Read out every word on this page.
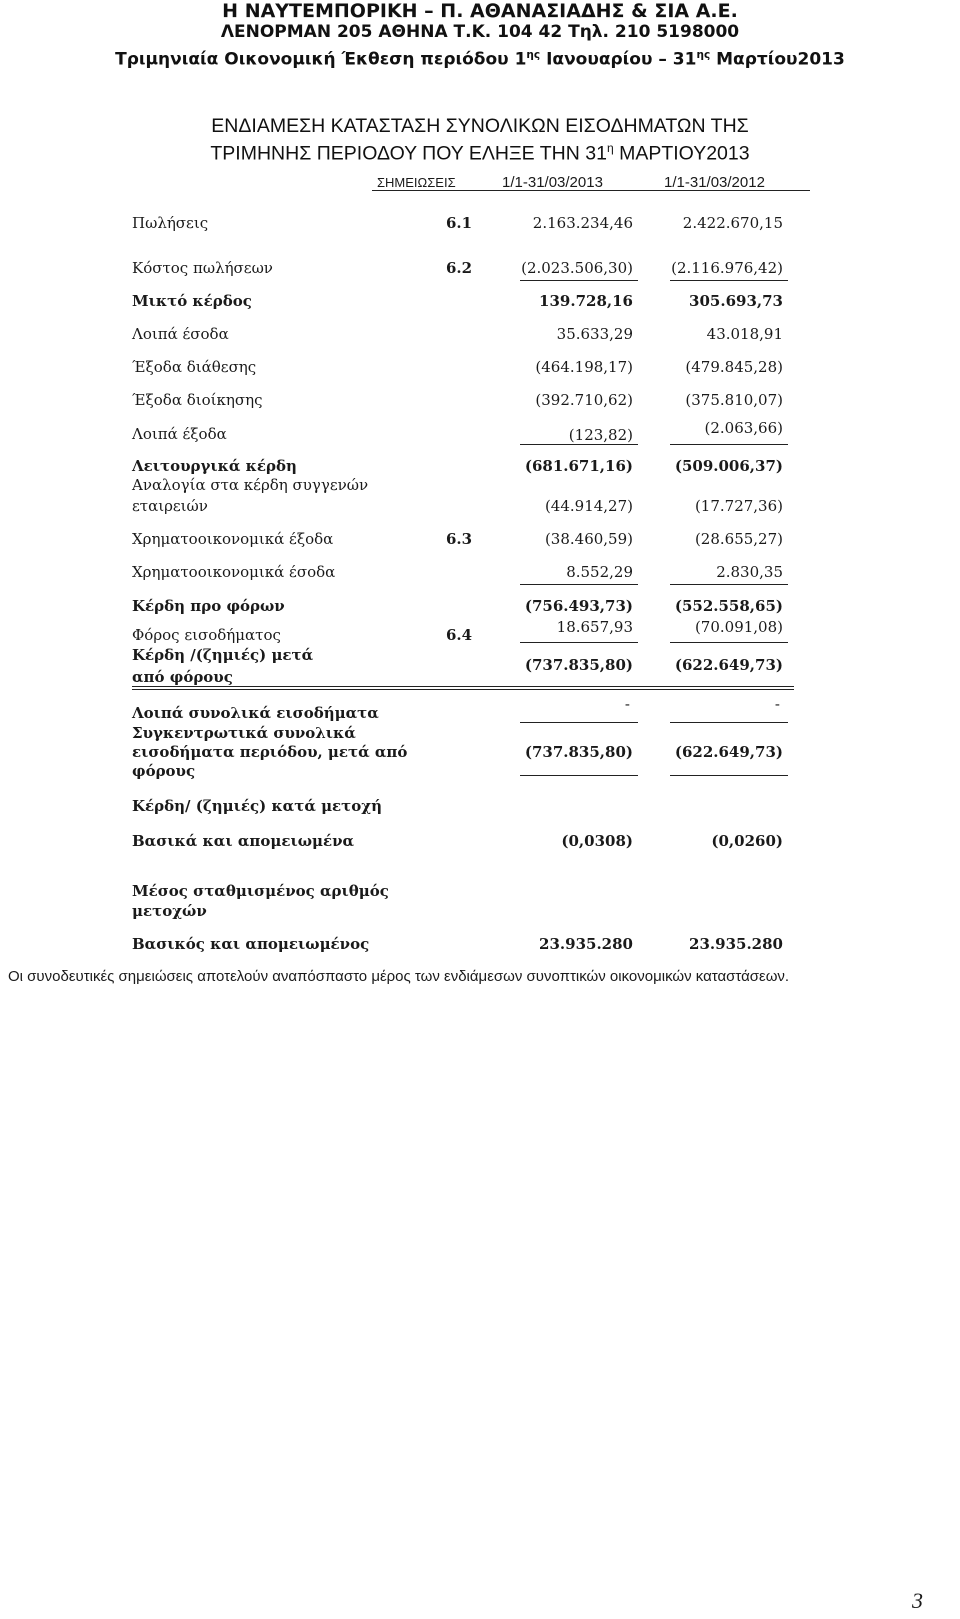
Η ΝΑΥΤΕΜΠΟΡΙΚΗ – Π. ΑΘΑΝΑΣΙΑΔΗΣ & ΣΙΑ Α.Ε.
ΛΕΝΟΡΜΑΝ 205 ΑΘΗΝΑ Τ.Κ. 104 42 Τηλ. 210 5198000
Τριμηνιαία Οικονομική Έκθεση περιόδου $1^{\eta\varsigma}$ Ιανουαρίου – $31^{\eta\varsigma}$ Μαρτίου2013
ΕΝΔΙΑΜΕΣΗ ΚΑΤΑΣΤΑΣΗ ΣΥΝΟΛΙΚΩΝ ΕΙΣΟΔΗΜΑΤΩΝ ΤΗΣ
ΤΡΙΜΗΝΗΣ ΠΕΡΙΟΔΟΥ ΠΟΥ ΕΛΗΞΕ ΤΗΝ $31^\eta$ ΜΑΡΤΙΟΥ2013
ΣΗΜΕΙΩΣΕΙΣ	1/1-31/03/2013	1/1-31/03/2012
Πωλήσεις	6.1	2.163.234,46	2.422.670,15
Κόστος πωλήσεων	6.2	(2.023.506,30)	(2.116.976,42)
Μικτό κέρδος	139.728,16	305.693,73
Λοιπά έσοδα	35.633,29	43.018,91
Έξοδα διάθεσης	(464.198,17)	(479.845,28)
Έξοδα διοίκησης	(392.710,62)	(375.810,07)
Λοιπά έξοδα	(123,82)	(2.063,66)
Λειτουργικά κέρδη	(681.671,16)	(509.006,37)
Αναλογία στα κέρδη συγγενών
εταιρειών	(44.914,27)	(17.727,36)
Χρηματοοικονομικά έξοδα	6.3	(38.460,59)	(28.655,27)
Χρηματοοικονομικά έσοδα	8.552,29	2.830,35
Κέρδη προ φόρων	(756.493,73)	(552.558,65)
Φόρος εισοδήματος	6.4	18.657,93	(70.091,08)
Κέρδη /(ζημιές) μετά
από φόρους
(737.835,80)	(622.649,73)
Λοιπά συνολικά εισοδήματα	-	-
Συγκεντρωτικά συνολικά
εισοδήματα περιόδου, μετά από
φόρους
(737.835,80)	(622.649,73)
Κέρδη/ (ζημιές) κατά μετοχή
Βασικά και απομειωμένα	(0,0308)	(0,0260)
Μέσος σταθμισμένος αριθμός
μετοχών
Βασικός και απομειωμένος	23.935.280	23.935.280
Οι συνοδευτικές σημειώσεις αποτελούν αναπόσπαστο μέρος των ενδιάμεσων συνοπτικών οικονομικών καταστάσεων.
3
